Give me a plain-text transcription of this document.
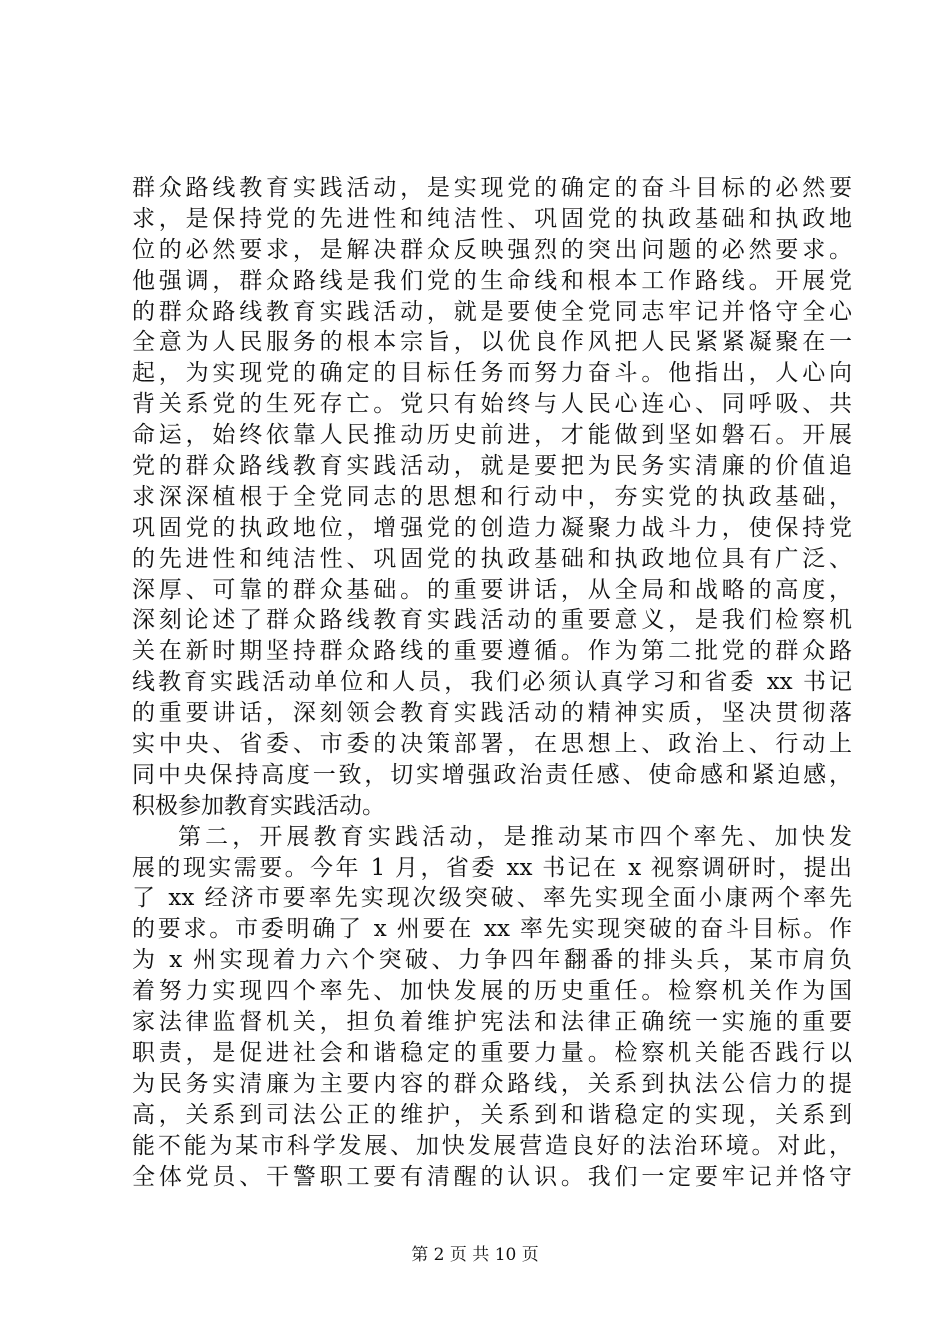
群众路线教育实践活动，是实现党的确定的奋斗目标的必然要
求，是保持党的先进性和纯洁性、巩固党的执政基础和执政地
位的必然要求，是解决群众反映强烈的突出问题的必然要求。
他强调，群众路线是我们党的生命线和根本工作路线。开展党
的群众路线教育实践活动，就是要使全党同志牢记并恪守全心
全意为人民服务的根本宗旨，以优良作风把人民紧紧凝聚在一
起，为实现党的确定的目标任务而努力奋斗。他指出，人心向
背关系党的生死存亡。党只有始终与人民心连心、同呼吸、共
命运，始终依靠人民推动历史前进，才能做到坚如磐石。开展
党的群众路线教育实践活动，就是要把为民务实清廉的价值追
求深深植根于全党同志的思想和行动中，夯实党的执政基础，
巩固党的执政地位，增强党的创造力凝聚力战斗力，使保持党
的先进性和纯洁性、巩固党的执政基础和执政地位具有广泛、
深厚、可靠的群众基础。的重要讲话，从全局和战略的高度，
深刻论述了群众路线教育实践活动的重要意义，是我们检察机
关在新时期坚持群众路线的重要遵循。作为第二批党的群众路
线教育实践活动单位和人员，我们必须认真学习和省委 xx 书记
的重要讲话，深刻领会教育实践活动的精神实质，坚决贯彻落
实中央、省委、市委的决策部署，在思想上、政治上、行动上
同中央保持高度一致，切实增强政治责任感、使命感和紧迫感，
积极参加教育实践活动。
第二，开展教育实践活动，是推动某市四个率先、加快发
展的现实需要。今年 1 月，省委 xx 书记在 x 视察调研时，提出
了 xx 经济市要率先实现次级突破、率先实现全面小康两个率先
的要求。市委明确了 x 州要在 xx 率先实现突破的奋斗目标。作
为 x 州实现着力六个突破、力争四年翻番的排头兵，某市肩负
着努力实现四个率先、加快发展的历史重任。检察机关作为国
家法律监督机关，担负着维护宪法和法律正确统一实施的重要
职责，是促进社会和谐稳定的重要力量。检察机关能否践行以
为民务实清廉为主要内容的群众路线，关系到执法公信力的提
高，关系到司法公正的维护，关系到和谐稳定的实现，关系到
能不能为某市科学发展、加快发展营造良好的法治环境。对此，
全体党员、干警职工要有清醒的认识。我们一定要牢记并恪守
第 2 页 共 10 页
